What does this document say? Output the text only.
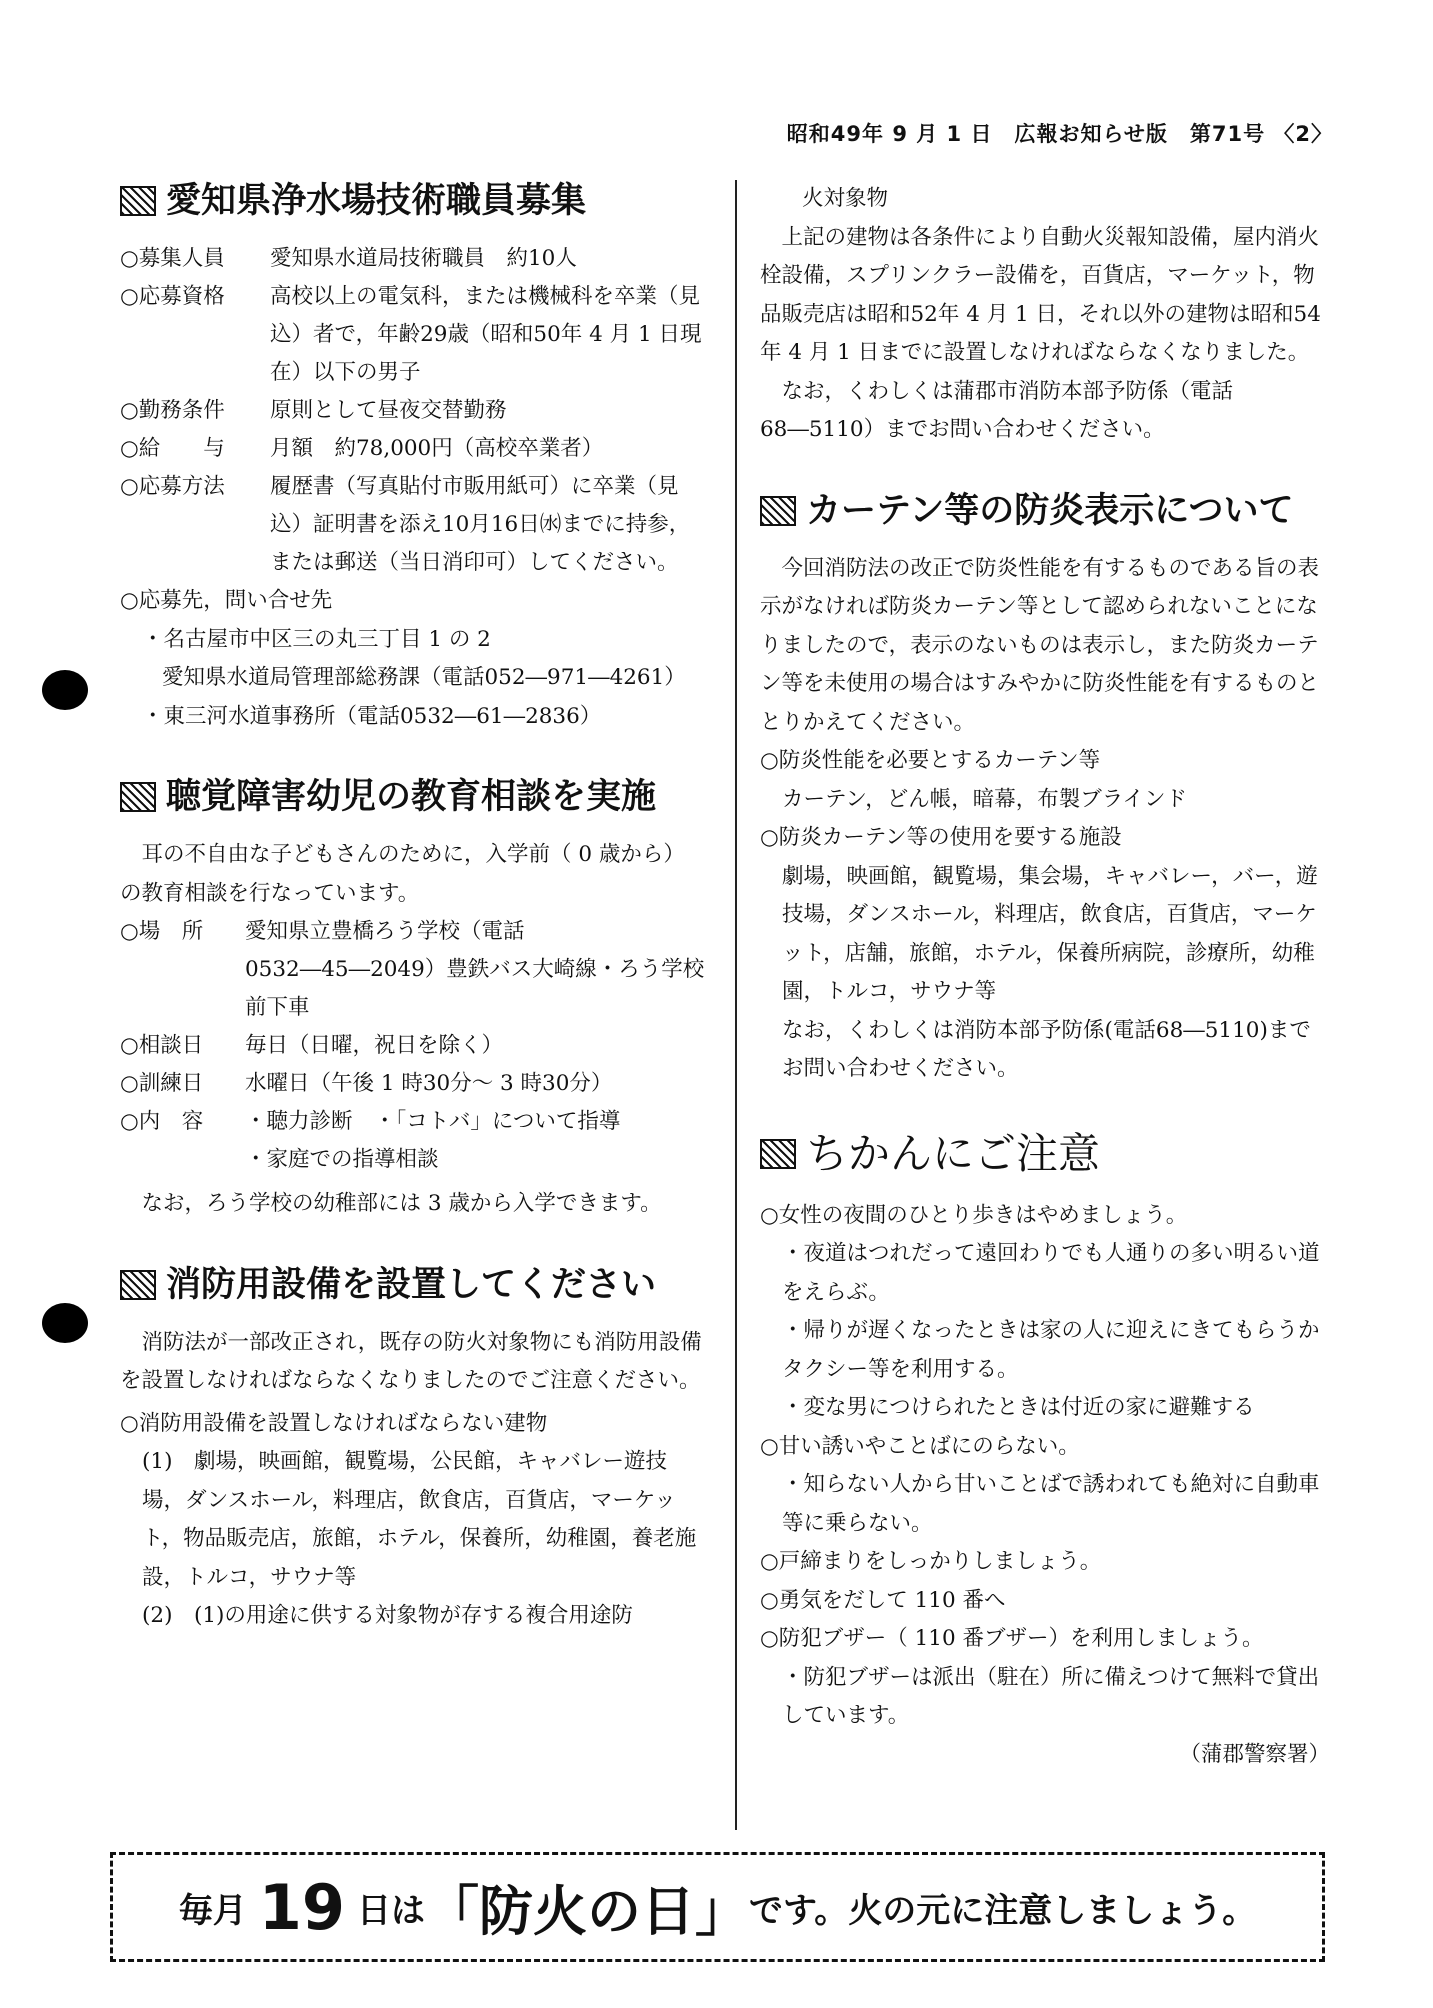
昭和49年 9 月 1 日　広報お知らせ版　第71号 〈2〉
愛知県浄水場技術職員募集
○募集人員	愛知県水道局技術職員　約10人
○応募資格	高校以上の電気科，または機械科を卒業（見込）者で，年齢29歳（昭和50年 4 月 1 日現在）以下の男子
○勤務条件	原則として昼夜交替勤務
○給　　与	月額　約78,000円（高校卒業者）
○応募方法	履歴書（写真貼付市販用紙可）に卒業（見込）証明書を添え10月16日㈬までに持参，または郵送（当日消印可）してください。
○応募先，問い合せ先
・名古屋市中区三の丸三丁目 1 の 2
愛知県水道局管理部総務課（電話052―971―4261）
・東三河水道事務所（電話0532―61―2836）
聴覚障害幼児の教育相談を実施

耳の不自由な子どもさんのために，入学前（ 0 歳から）の教育相談を行なっています。

○場　所	愛知県立豊橋ろう学校（電話0532―45―2049）豊鉄バス大崎線・ろう学校前下車
○相談日	毎日（日曜，祝日を除く）
○訓練日	水曜日（午後 1 時30分～ 3 時30分）
○内　容	・聴力診断　・「コトバ」について指導
・家庭での指導相談

なお，ろう学校の幼稚部には 3 歳から入学できます。

消防用設備を設置してください

消防法が一部改正され，既存の防火対象物にも消防用設備を設置しなければならなくなりましたのでご注意ください。

○消防用設備を設置しなければならない建物
(1)　劇場，映画館，観覧場，公民館，キャバレー遊技場，ダンスホール，料理店，飲食店，百貨店，マーケット，物品販売店，旅館，ホテル，保養所，幼稚園，養老施設，トルコ，サウナ等
(2)　(1)の用途に供する対象物が存する複合用途防
火対象物

上記の建物は各条件により自動火災報知設備，屋内消火栓設備，スプリンクラー設備を，百貨店，マーケット，物品販売店は昭和52年 4 月 1 日，それ以外の建物は昭和54年 4 月 1 日までに設置しなければならなくなりました。

なお，くわしくは蒲郡市消防本部予防係（電話68―5110）までお問い合わせください。

カーテン等の防炎表示について

今回消防法の改正で防炎性能を有するものである旨の表示がなければ防炎カーテン等として認められないことになりましたので，表示のないものは表示し，また防炎カーテン等を未使用の場合はすみやかに防炎性能を有するものととりかえてください。

○防炎性能を必要とするカーテン等
カーテン，どん帳，暗幕，布製ブラインド
○防炎カーテン等の使用を要する施設
劇場，映画館，観覧場，集会場，キャバレー，バー，遊技場，ダンスホール，料理店，飲食店，百貨店，マーケット，店舗，旅館，ホテル，保養所病院，診療所，幼稚園，トルコ，サウナ等
なお，くわしくは消防本部予防係(電話68―5110)までお問い合わせください。
ちかんにご注意
○女性の夜間のひとり歩きはやめましょう。
・夜道はつれだって遠回わりでも人通りの多い明るい道をえらぶ。
・帰りが遅くなったときは家の人に迎えにきてもらうかタクシー等を利用する。
・変な男につけられたときは付近の家に避難する
○甘い誘いやことばにのらない。
・知らない人から甘いことばで誘われても絶対に自動車等に乗らない。
○戸締まりをしっかりしましょう。
○勇気をだして 110 番へ
○防犯ブザー（ 110 番ブザー）を利用しましょう。
・防犯ブザーは派出（駐在）所に備えつけて無料で貸出しています。
（蒲郡警察署）
毎月 19 日は 「防火の日」 です。火の元に注意しましょう。
